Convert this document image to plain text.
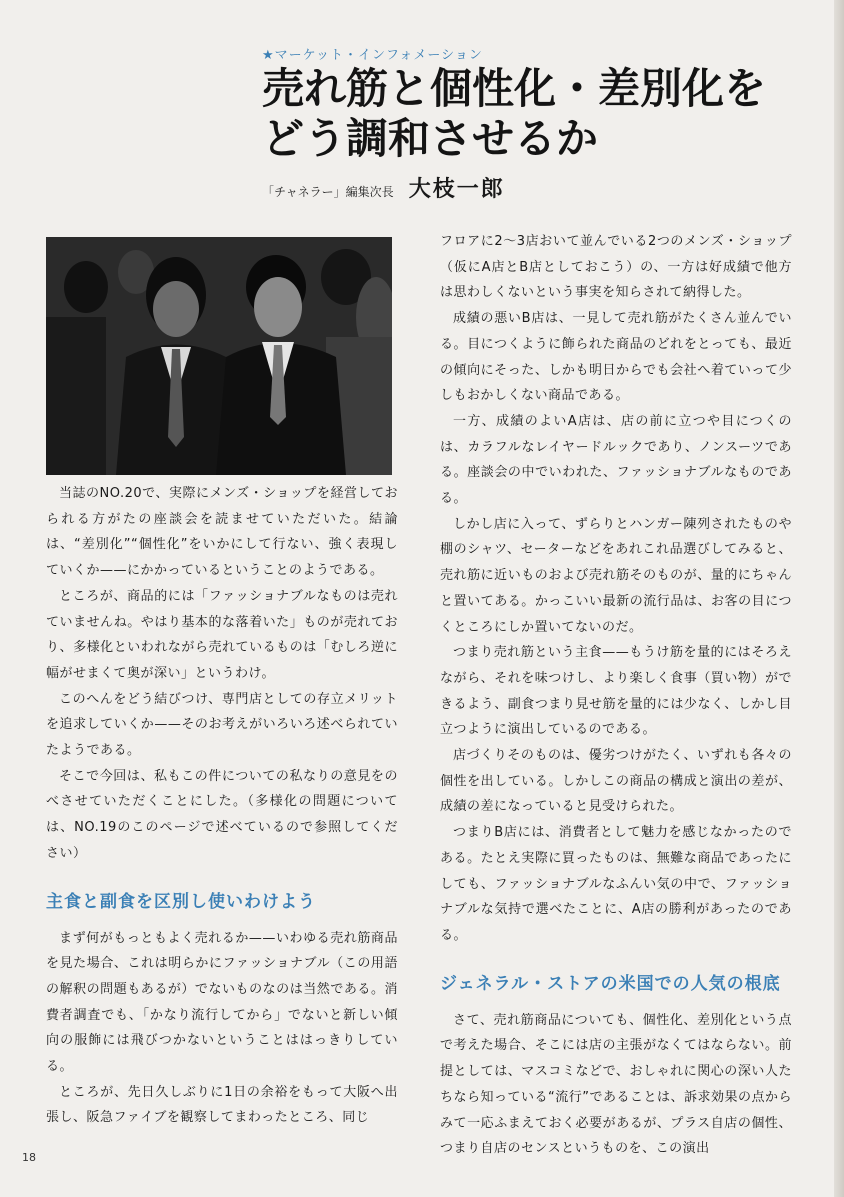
★マーケット・インフォメーション
売れ筋と個性化・差別化を
どう調和させるか
「チャネラー」編集次長 大枝一郎

当誌のNO.20で、実際にメンズ・ショップを経営しておられる方がたの座談会を読ませていただいた。結論は、“差別化”“個性化”をいかにして行ない、強く表現していくか——にかかっているということのようである。

ところが、商品的には「ファッショナブルなものは売れていませんね。やはり基本的な落着いた」ものが売れており、多様化といわれながら売れているものは「むしろ逆に幅がせまくて奥が深い」というわけ。

このへんをどう結びつけ、専門店としての存立メリットを追求していくか——そのお考えがいろいろ述べられていたようである。

そこで今回は、私もこの件についての私なりの意見をのべさせていただくことにした。（多様化の問題については、NO.19のこのページで述べているので参照してください）

主食と副食を区別し使いわけよう

まず何がもっともよく売れるか——いわゆる売れ筋商品を見た場合、これは明らかにファッショナブル（この用語の解釈の問題もあるが）でないものなのは当然である。消費者調査でも、「かなり流行してから」でないと新しい傾向の服飾には飛びつかないということははっきりしている。

ところが、先日久しぶりに1日の余裕をもって大阪へ出張し、阪急ファイブを観察してまわったところ、同じ

フロアに2〜3店おいて並んでいる2つのメンズ・ショップ（仮にA店とB店としておこう）の、一方は好成績で他方は思わしくないという事実を知らされて納得した。

成績の悪いB店は、一見して売れ筋がたくさん並んでいる。目につくように飾られた商品のどれをとっても、最近の傾向にそった、しかも明日からでも会社へ着ていって少しもおかしくない商品である。

一方、成績のよいA店は、店の前に立つや目につくのは、カラフルなレイヤードルックであり、ノンスーツである。座談会の中でいわれた、ファッショナブルなものである。

しかし店に入って、ずらりとハンガー陳列されたものや棚のシャツ、セーターなどをあれこれ品選びしてみると、売れ筋に近いものおよび売れ筋そのものが、量的にちゃんと置いてある。かっこいい最新の流行品は、お客の目につくところにしか置いてないのだ。

つまり売れ筋という主食——もうけ筋を量的にはそろえながら、それを味つけし、より楽しく食事（買い物）ができるよう、副食つまり見せ筋を量的には少なく、しかし目立つように演出しているのである。

店づくりそのものは、優劣つけがたく、いずれも各々の個性を出している。しかしこの商品の構成と演出の差が、成績の差になっていると見受けられた。

つまりB店には、消費者として魅力を感じなかったのである。たとえ実際に買ったものは、無難な商品であったにしても、ファッショナブルなふんい気の中で、ファッショナブルな気持で選べたことに、A店の勝利があったのである。

ジェネラル・ストアの米国での人気の根底

さて、売れ筋商品についても、個性化、差別化という点で考えた場合、そこには店の主張がなくてはならない。前提としては、マスコミなどで、おしゃれに関心の深い人たちなら知っている“流行”であることは、訴求効果の点からみて一応ふまえておく必要があるが、プラス自店の個性、つまり自店のセンスというものを、この演出

18
